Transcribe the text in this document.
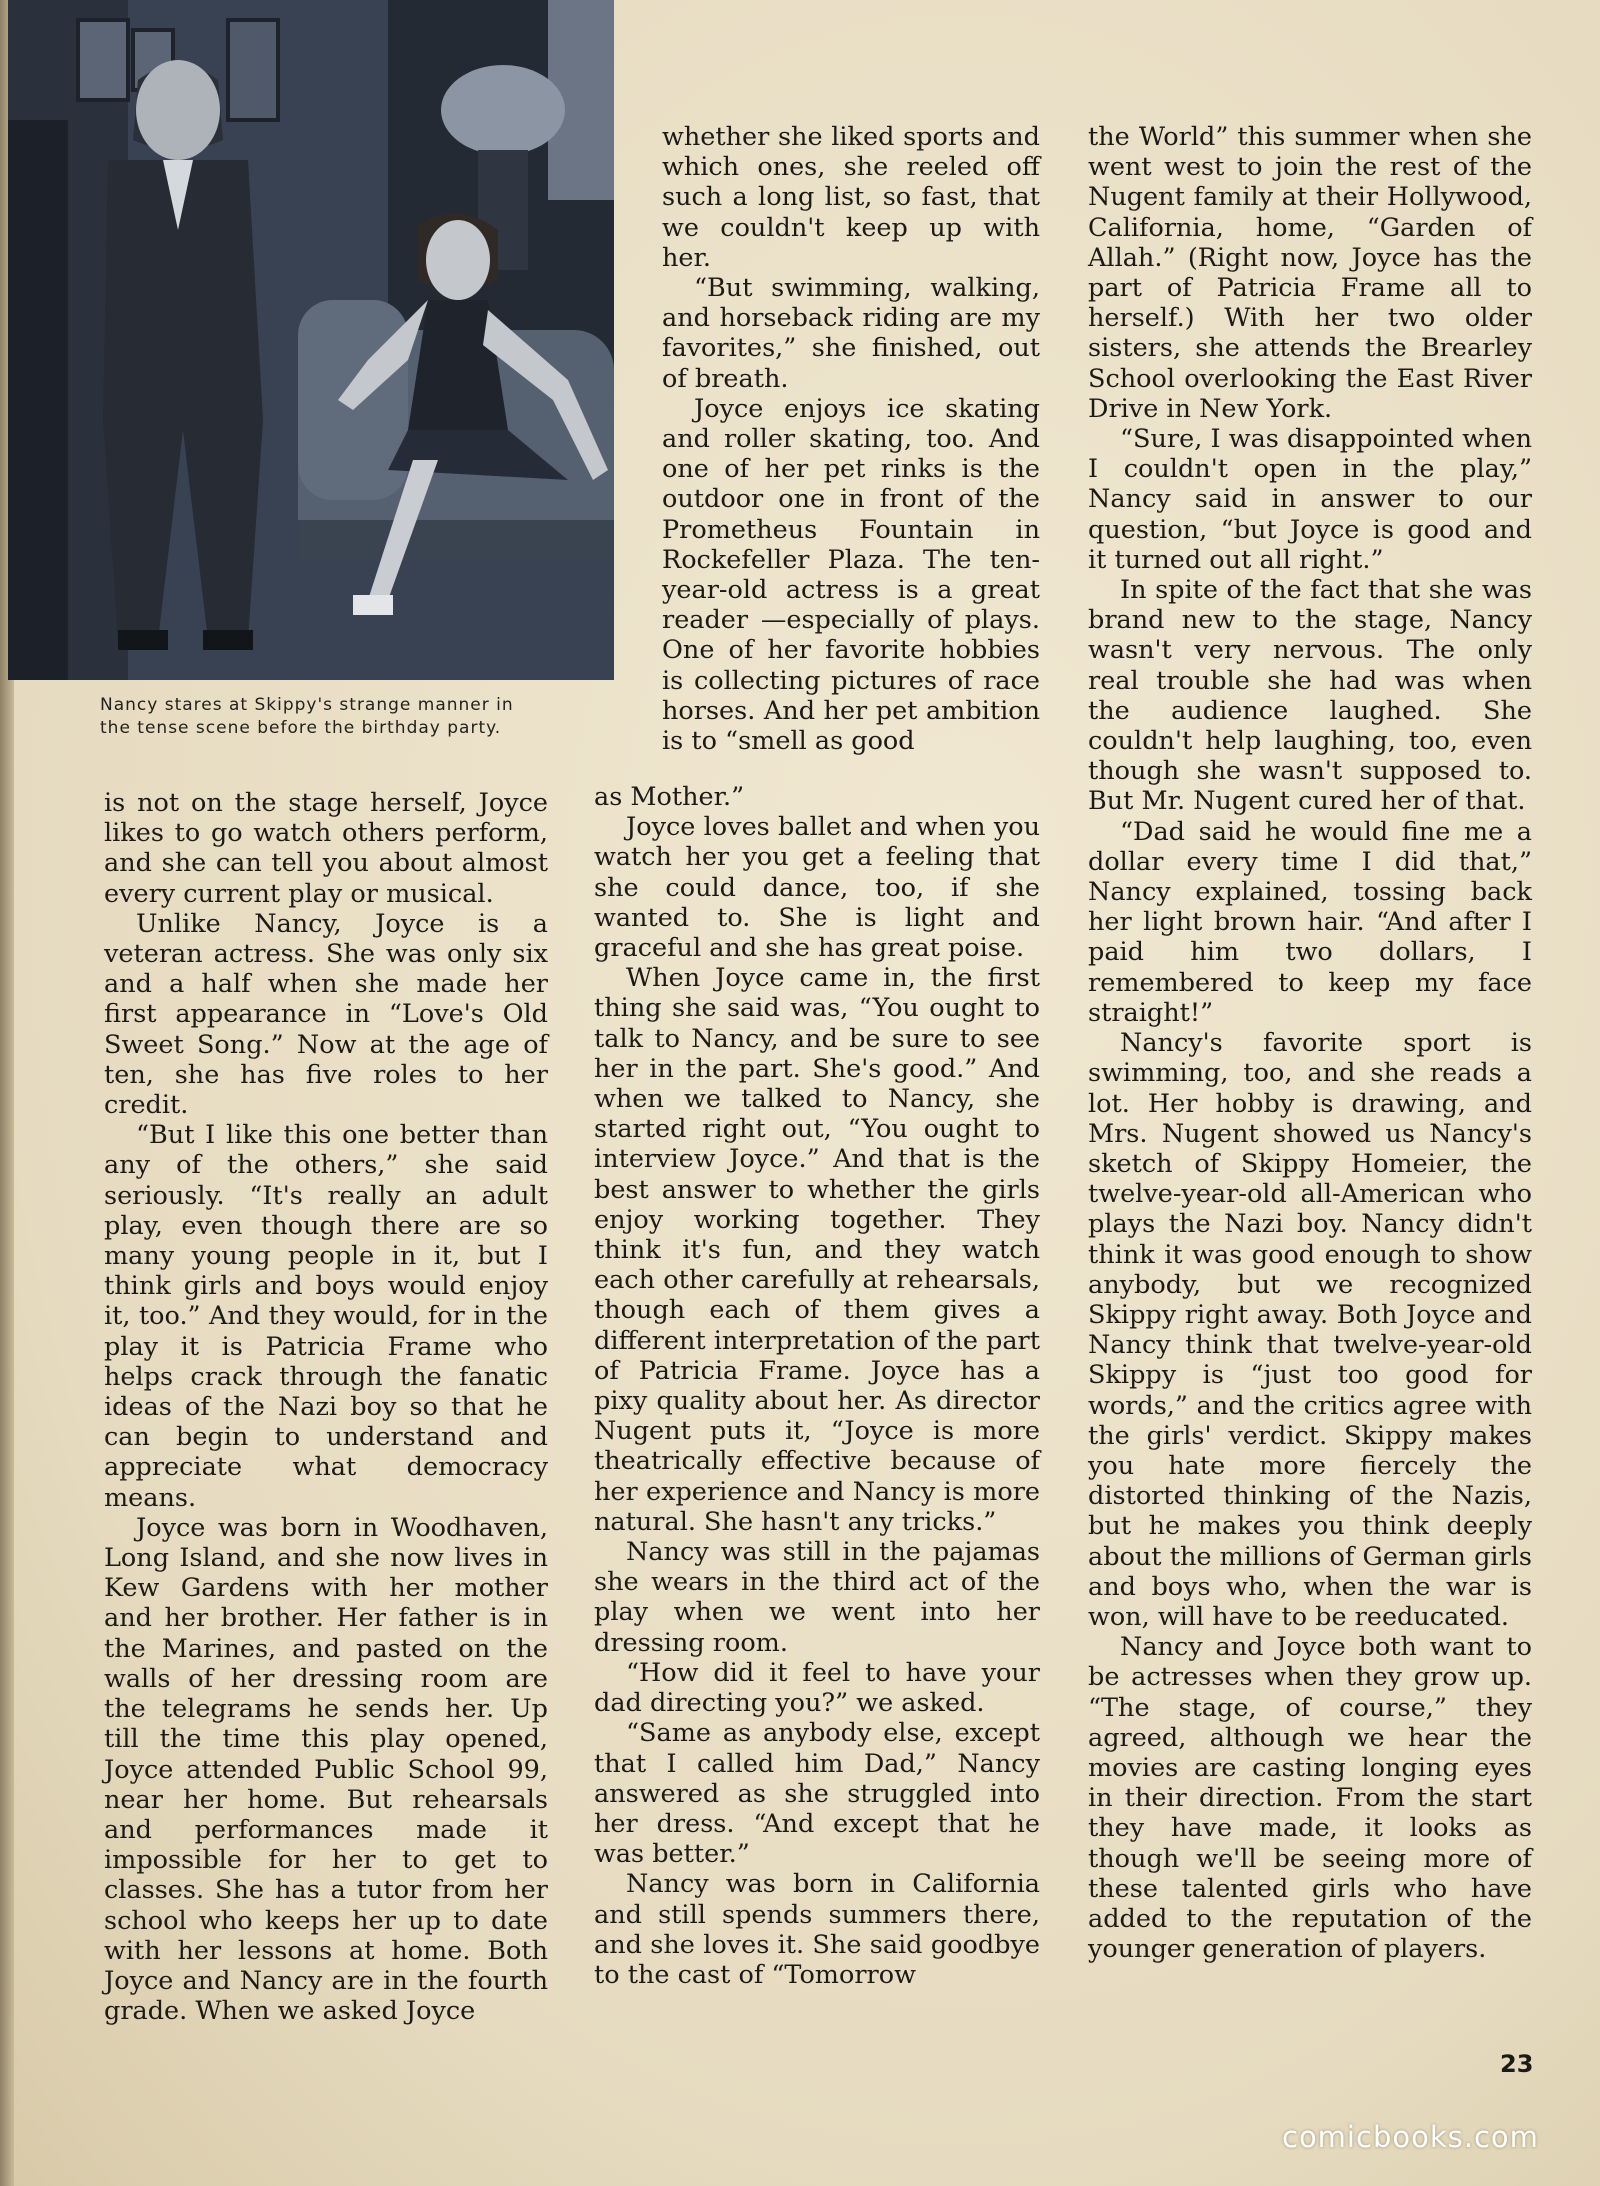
Nancy stares at Skippy's strange manner in
the tense scene before the birthday party.

is not on the stage herself, Joyce likes to go watch others perform, and she can tell you about almost every current play or musical.

Unlike Nancy, Joyce is a veteran actress. She was only six and a half when she made her first appearance in “Love's Old Sweet Song.” Now at the age of ten, she has five roles to her credit.

“But I like this one better than any of the others,” she said seriously. “It's really an adult play, even though there are so many young people in it, but I think girls and boys would enjoy it, too.” And they would, for in the play it is Patricia Frame who helps crack through the fanatic ideas of the Nazi boy so that he can begin to understand and appreciate what democracy means.

Joyce was born in Woodhaven, Long Island, and she now lives in Kew Gardens with her mother and her brother. Her father is in the Marines, and pasted on the walls of her dressing room are the telegrams he sends her. Up till the time this play opened, Joyce attended Public School 99, near her home. But rehearsals and performances made it impossible for her to get to classes. She has a tutor from her school who keeps her up to date with her lessons at home. Both Joyce and Nancy are in the fourth grade. When we asked Joyce

whether she liked sports and which ones, she reeled off such a long list, so fast, that we couldn't keep up with her.

“But swimming, walking, and horseback riding are my favorites,” she finished, out of breath.

Joyce enjoys ice skating and roller skating, too. And one of her pet rinks is the outdoor one in front of the Prometheus Fountain in Rockefeller Plaza. The ten-year-old actress is a great reader —especially of plays. One of her favorite hobbies is collecting pictures of race horses. And her pet ambition is to “smell as good

as Mother.”

Joyce loves ballet and when you watch her you get a feeling that she could dance, too, if she wanted to. She is light and graceful and she has great poise.

When Joyce came in, the first thing she said was, “You ought to talk to Nancy, and be sure to see her in the part. She's good.” And when we talked to Nancy, she started right out, “You ought to interview Joyce.” And that is the best answer to whether the girls enjoy working together. They think it's fun, and they watch each other carefully at rehearsals, though each of them gives a different interpretation of the part of Patricia Frame. Joyce has a pixy quality about her. As director Nugent puts it, “Joyce is more theatrically effective because of her experience and Nancy is more natural. She hasn't any tricks.”

Nancy was still in the pajamas she wears in the third act of the play when we went into her dressing room.

“How did it feel to have your dad directing you?” we asked.

“Same as anybody else, except that I called him Dad,” Nancy answered as she struggled into her dress. “And except that he was better.”

Nancy was born in California and still spends summers there, and she loves it. She said goodbye to the cast of “Tomorrow

the World” this summer when she went west to join the rest of the Nugent family at their Hollywood, California, home, “Garden of Allah.” (Right now, Joyce has the part of Patricia Frame all to herself.) With her two older sisters, she attends the Brearley School overlooking the East River Drive in New York.

“Sure, I was disappointed when I couldn't open in the play,” Nancy said in answer to our question, “but Joyce is good and it turned out all right.”

In spite of the fact that she was brand new to the stage, Nancy wasn't very nervous. The only real trouble she had was when the audience laughed. She couldn't help laughing, too, even though she wasn't supposed to. But Mr. Nugent cured her of that.

“Dad said he would fine me a dollar every time I did that,” Nancy explained, tossing back her light brown hair. “And after I paid him two dollars, I remembered to keep my face straight!”

Nancy's favorite sport is swimming, too, and she reads a lot. Her hobby is drawing, and Mrs. Nugent showed us Nancy's sketch of Skippy Homeier, the twelve-year-old all-American who plays the Nazi boy. Nancy didn't think it was good enough to show anybody, but we recognized Skippy right away. Both Joyce and Nancy think that twelve-year-old Skippy is “just too good for words,” and the critics agree with the girls' verdict. Skippy makes you hate more fiercely the distorted thinking of the Nazis, but he makes you think deeply about the millions of German girls and boys who, when the war is won, will have to be reeducated.

Nancy and Joyce both want to be actresses when they grow up. “The stage, of course,” they agreed, although we hear the movies are casting longing eyes in their direction. From the start they have made, it looks as though we'll be seeing more of these talented girls who have added to the reputation of the younger generation of players.

23
comicbooks.com
